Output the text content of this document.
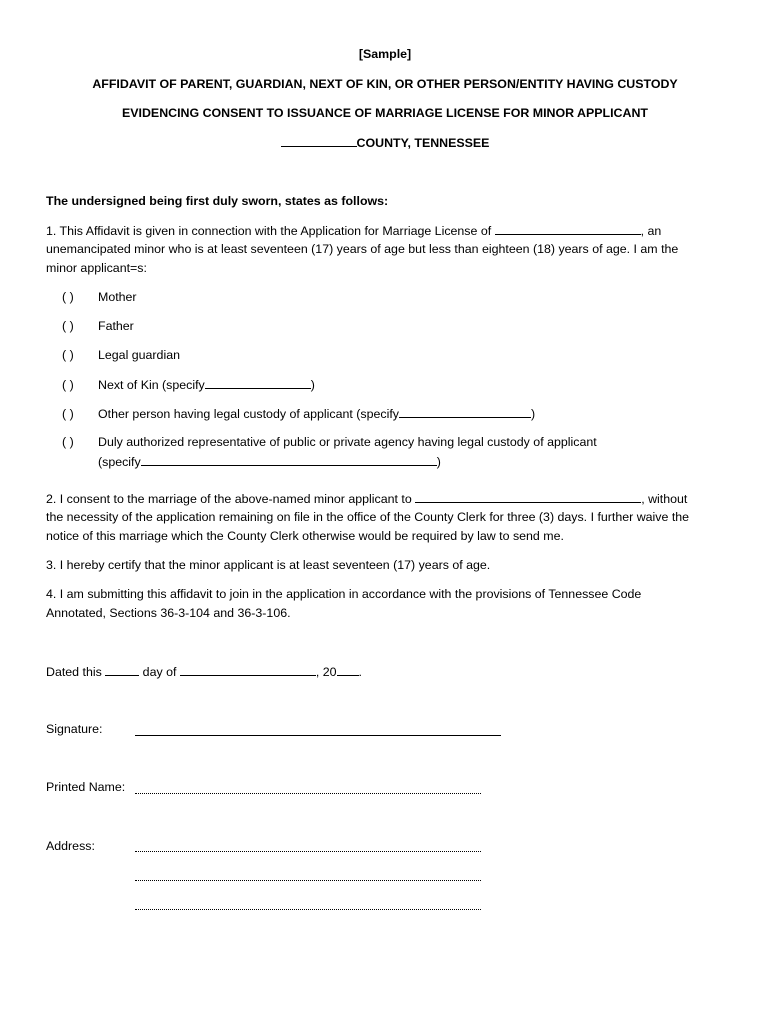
[Sample]
AFFIDAVIT OF PARENT, GUARDIAN, NEXT OF KIN, OR OTHER PERSON/ENTITY HAVING CUSTODY
EVIDENCING CONSENT TO ISSUANCE OF MARRIAGE LICENSE FOR MINOR APPLICANT
COUNTY, TENNESSEE
The undersigned being first duly sworn, states as follows:
1. This Affidavit is given in connection with the Application for Marriage License of	, an
unemancipated minor who is at least seventeen (17) years of age but less than eighteen (18) years of age. I am the
minor applicant=s:
( ) Mother
( ) Father
( ) Legal guardian
( ) Next of Kin (specify	)
( ) Other person having legal custody of applicant (specify	)
( ) Duly authorized representative of public or private agency having legal custody of applicant
(specify	)
2. I consent to the marriage of the above-named minor applicant to	, without
the necessity of the application remaining on file in the office of the County Clerk for three (3) days. I further waive the
notice of this marriage which the County Clerk otherwise would be required by law to send me.
3. I hereby certify that the minor applicant is at least seventeen (17) years of age.
4. I am submitting this affidavit to join in the application in accordance with the provisions of Tennessee Code
Annotated, Sections 36-3-104 and 36-3-106.
Dated this	day of	, 20 .
Signature:
Printed Name:
Address:
